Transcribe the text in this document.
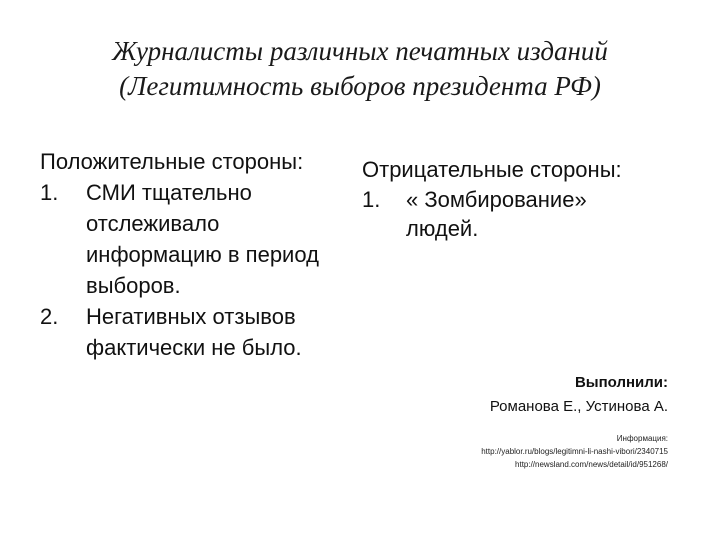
Журналисты различных печатных изданий
(Легитимность выборов президента РФ)
Положительные стороны:
1. СМИ тщательно отслеживало информацию в период выборов.
2. Негативных отзывов фактически не было.
Отрицательные стороны:
1. « Зомбирование» людей.
Выполнили:
Романова Е., Устинова А.
Информация:
http://yablor.ru/blogs/legitimni-li-nashi-vibori/2340715
http://newsland.com/news/detail/id/951268/
